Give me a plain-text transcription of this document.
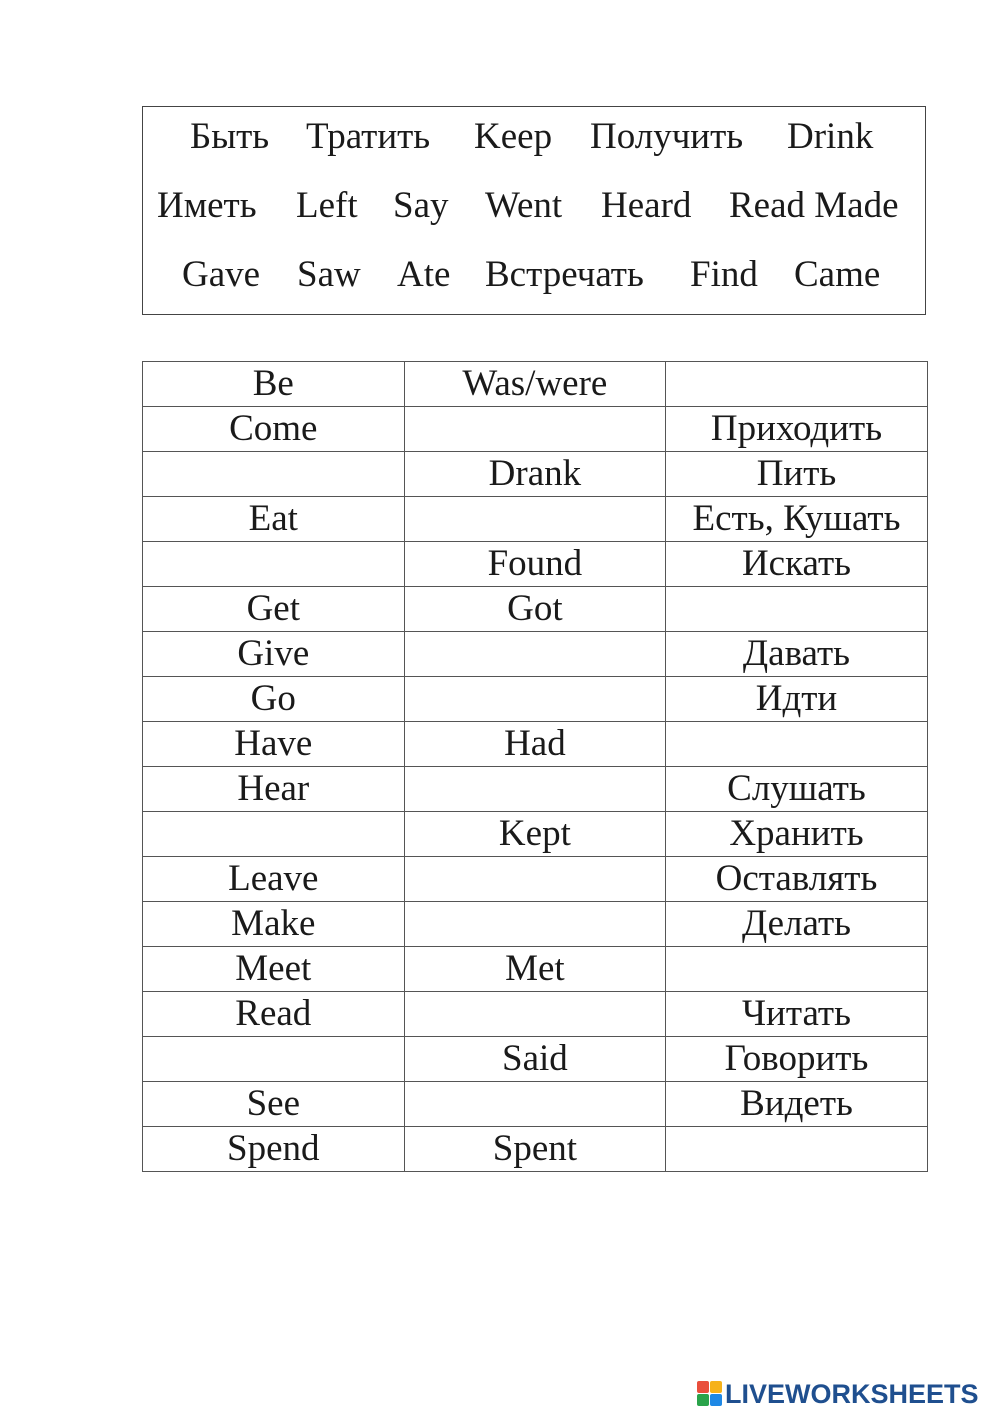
Быть Тратить Keep Получить Drink
Иметь Left Say Went Heard Read Made
Gave Saw Ate Встречать Find Came
Be	Was/were	
Come		Приходить
	Drank	Пить
Eat		Есть, Кушать
	Found	Искать
Get	Got	
Give		Давать
Go		Идти
Have	Had	
Hear		Слушать
	Kept	Хранить
Leave		Оставлять
Make		Делать
Meet	Met	
Read		Читать
	Said	Говорить
See		Видеть
Spend	Spent	
LIVEWORKSHEETS
